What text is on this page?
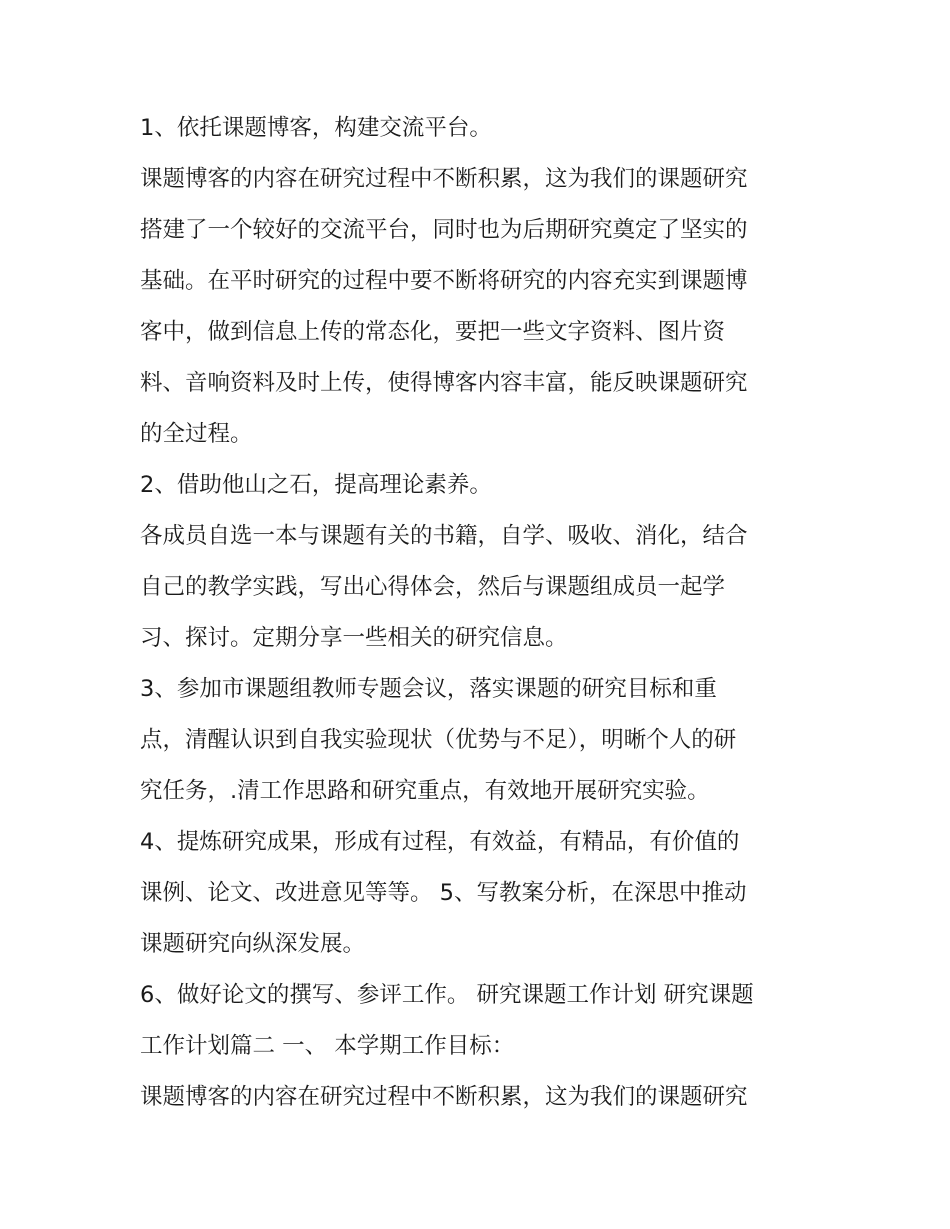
1、依托课题博客，构建交流平台。
课题博客的内容在研究过程中不断积累，这为我们的课题研究
搭建了一个较好的交流平台，同时也为后期研究奠定了坚实的
基础。在平时研究的过程中要不断将研究的内容充实到课题博
客中，做到信息上传的常态化，要把一些文字资料、图片资
料、音响资料及时上传，使得博客内容丰富，能反映课题研究
的全过程。
2、借助他山之石，提高理论素养。
各成员自选一本与课题有关的书籍，自学、吸收、消化，结合
自己的教学实践，写出心得体会，然后与课题组成员一起学
习、探讨。定期分享一些相关的研究信息。
3、参加市课题组教师专题会议，落实课题的研究目标和重
点，清醒认识到自我实验现状（优势与不足），明晰个人的研
究任务，.清工作思路和研究重点，有效地开展研究实验。
4、提炼研究成果，形成有过程，有效益，有精品，有价值的
课例、论文、改进意见等等。 5、写教案分析，在深思中推动
课题研究向纵深发展。
6、做好论文的撰写、参评工作。 研究课题工作计划 研究课题
工作计划篇二 一、 本学期工作目标：
课题博客的内容在研究过程中不断积累，这为我们的课题研究
